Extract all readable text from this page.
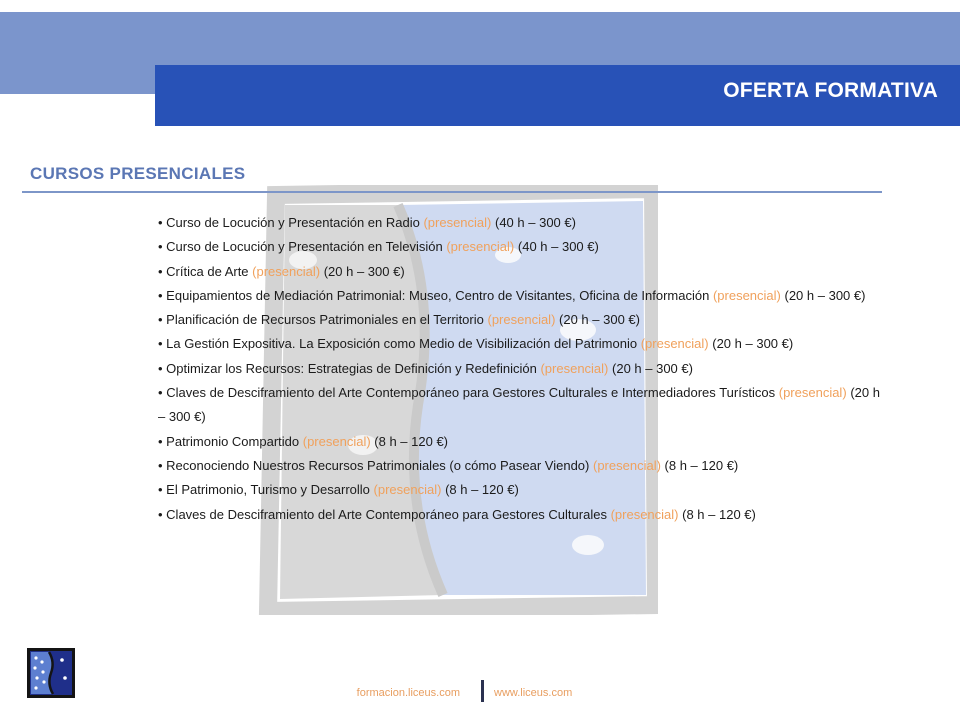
OFERTA FORMATIVA
CURSOS PRESENCIALES
• Curso de Locución y Presentación en Radio (presencial) (40 h – 300 €)
• Curso de Locución y Presentación en Televisión (presencial) (40 h – 300 €)
• Crítica de Arte (presencial) (20 h – 300 €)
• Equipamientos de Mediación Patrimonial: Museo, Centro de Visitantes, Oficina de Información (presencial) (20 h – 300 €)
• Planificación de Recursos Patrimoniales en el Territorio (presencial) (20 h – 300 €)
• La Gestión Expositiva. La Exposición como Medio de Visibilización del Patrimonio (presencial) (20 h – 300 €)
• Optimizar los Recursos: Estrategias de Definición y Redefinición (presencial) (20 h – 300 €)
• Claves de Desciframiento del Arte Contemporáneo para Gestores Culturales e Intermediadores Turísticos (presencial) (20 h – 300 €)
• Patrimonio Compartido (presencial) (8 h – 120 €)
• Reconociendo Nuestros Recursos Patrimoniales (o cómo Pasear Viendo) (presencial) (8 h – 120 €)
• El Patrimonio, Turismo y Desarrollo (presencial) (8 h – 120 €)
• Claves de Desciframiento del Arte Contemporáneo para Gestores Culturales (presencial) (8 h – 120 €)
formacion.liceus.com	www.liceus.com
